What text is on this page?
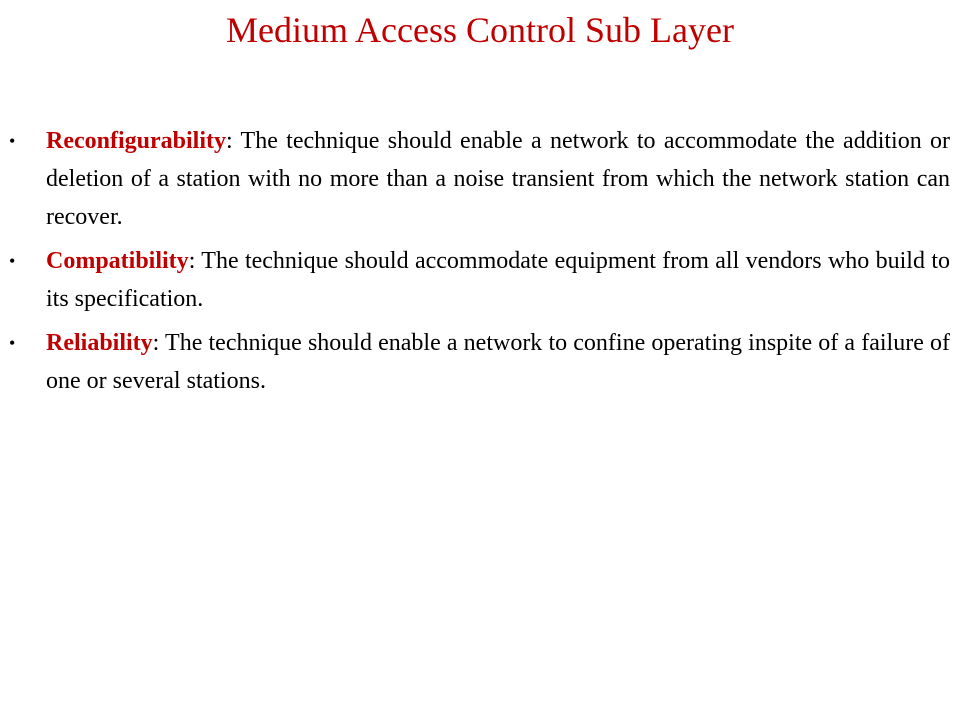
Medium Access Control Sub Layer
• Reconfigurability: The technique should enable a network to accommodate the addition or deletion of a station with no more than a noise transient from which the network station can recover.
• Compatibility: The technique should accommodate equipment from all vendors who build to its specification.
• Reliability: The technique should enable a network to confine operating inspite of a failure of one or several stations.
